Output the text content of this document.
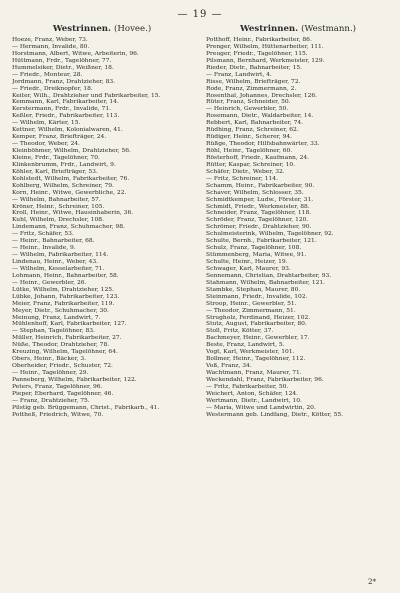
— 19 —
Westrinnen. (Hovee.)
Hoeze, Franz, Weber, 73.
— Hermann, Invalide, 80.
Horstmann, Albert, Witwe, Arbeiterin, 96.
Hüttmann, Frdr., Tagelöhner, 77.
Hummelsiker, Dietr., Weißner, 18.
— Friedr., Monteur, 28.
Jordmann, Franz, Drahtzieher, 83.
— Friedr., Dreiknopfer, 18.
Keiter, Wilh., Drahtzieher und Fabrikarbeiter, 15.
Kemmann, Karl, Fabrikarbeiter, 14.
Kerstermann, Frdr., Invalide, 71.
Keßler, Friedr., Fabrikarbeiter, 113.
— Wilhelm, Kärter, 15.
Kettner, Wilhelm, Kolonialwaren, 41.
Kemper, Franz, Briefträger, 24.
— Theodor, Weber, 24.
Kleinböhmer, Wilhelm, Drahtzieher, 56.
Kleine, Frdr., Tagelöhner, 70.
Klinkenbrumm, Frdr., Landwirt, 9.
Köhler, Karl, Briefträger, 53.
Kohlstedt, Wilhelm, Fabrikarbeiter, 76.
Kohlberg, Wilhelm, Schreiner, 79.
Korn, Heinr., Witwe, Gewerbliche, 22.
— Wilhelm, Bahnarbeiter, 57.
Kröner, Heinr., Schreiner, 105.
Kroll, Heinr., Witwe, Hausinhaberin, 36.
Kuhl, Wilhelm, Drechsler, 108.
Lindemann, Franz, Schuhmacher, 98.
— Fritz, Schäfer, 53.
— Heinr., Bahnarbeiter, 68.
— Heinr., Invalide, 9.
— Wilhelm, Fabrikarbeiter, 114.
Lindenau, Heinr., Weber, 43.
— Wilhelm, Kesselarbeiter, 71.
Lohmann, Heinr., Bahnarbeiter, 58.
— Heinr., Gewerbler, 26.
Lütke, Wilhelm, Drahtzieher, 125.
Lübke, Johann, Fabrikarbeiter, 123.
Meier, Franz, Fabrikarbeiter, 119.
Meyer, Dietr., Schuhmacher, 30.
Meinung, Franz, Landwirt, 7.
Mühlenhoff, Karl, Fabrikarbeiter, 127.
— Stephan, Tagelöhner, 83.
Müller, Heinrich, Fabrikarbeiter, 27.
Nüße, Theodor, Drahtzieher, 78.
Kreuzing, Wilhelm, Tagelöhner, 64.
Obers, Heinr., Bäcker, 3.
Oberheider, Friedr., Schuster, 72.
— Heinr., Tagelöhner, 29.
Panneberg, Wilhelm, Fabrikarbeiter, 122.
Peters, Franz, Tagelöhner, 96.
Pieper, Eberhard, Tagelöhner, 46.
— Franz, Drahtzieher, 75.
Pilstig geb. Brüggemann, Christ., Fabrikarb., 41.
Pottheß, Friedrich, Witwe, 70.
Westrinnen. (Westmann.)
Potthoff, Heinr., Fabrikarbeiter, 86.
Prenger, Wilhelm, Hüttenarbeiter, 111.
Preuger, Friedr., Tagelöhner, 115.
Pilsmann, Bernhard, Werkmeister, 129.
Rieder, Dietr., Bahnarbeiter, 15.
— Franz, Landwirt, 4.
Risse, Wilhelm, Briefträger, 72.
Rode, Franz, Zimmermann, 2.
Rosenthal, Johannes, Drechsler, 126.
Rüter, Franz, Schneider, 50.
— Heinrich, Gewerbler, 50.
Rosemann, Dietr., Waldarbeiter, 14.
Rebbert, Karl, Bahnarbeiter, 74.
Rüdhing, Franz, Schreiner, 62.
Rüdiger, Heinr., Scherer, 94.
Rüßge, Theodor, Hilfsbahnwärter, 33.
Röhl, Heinr., Tagelöhner, 60.
Rösterhoff, Friedr., Kaufmann, 24.
Rütter, Kaspar, Schreiner, 10.
Schäfer, Dietr., Weber, 32.
— Fritz, Schreiner, 114.
Schamm, Heinr., Fabrikarbeiter, 90.
Schaver, Wilhelm, Schlosser, 35.
Schmidtkemper, Ludw., Förster, 31.
Schmidt, Friedr., Werkmeister, 88.
Schneider, Franz, Tagelöhner, 118.
Schröder, Franz, Tagelöhner, 120.
Schrömer, Friedr., Drahtzieher, 90.
Schulmeisterink, Wilhelm, Tagelöhner, 92.
Schulte, Bernh., Fabrikarbeiter, 121.
Schulz, Franz, Tagelöhner, 108.
Stümmenberg, Maria, Witwe, 91.
Schulte, Heinr., Heizer, 19.
Schwager, Karl, Maurer, 93.
Sennemann, Christian, Drahtarbeiter, 93.
Stahmann, Wilhelm, Bahnarbeiter, 121.
Stambke, Stephan, Maurer, 80.
Steinmann, Friedr., Invalide, 102.
Stroop, Heinr., Gewerbler, 51.
— Theodor, Zimmermann, 51.
Strugholz, Ferdinand, Heizer, 102.
Stutz, August, Fabrikarbeiter, 80.
Stoll, Fritz, Kötter, 37.
Bachmeyer, Heinr., Gewerbler, 17.
Beste, Franz, Landwirt, 5.
Vogt, Karl, Werkmeister, 101.
Bollmer, Heinr., Tagelöhner, 112.
Voß, Franz, 34.
Wachtmann, Franz, Maurer, 71.
Weckendahl, Franz, Fabrikarbeiter, 96.
— Fritz, Fabrikarbeiter, 50.
Weichert, Anton, Schäfer, 124.
Wertmann, Dietr., Landwirt, 10.
— Maria, Witwe und Landwirtin, 20.
Westermann geb. Lindfang, Dietr., Kötter, 55.
2*
